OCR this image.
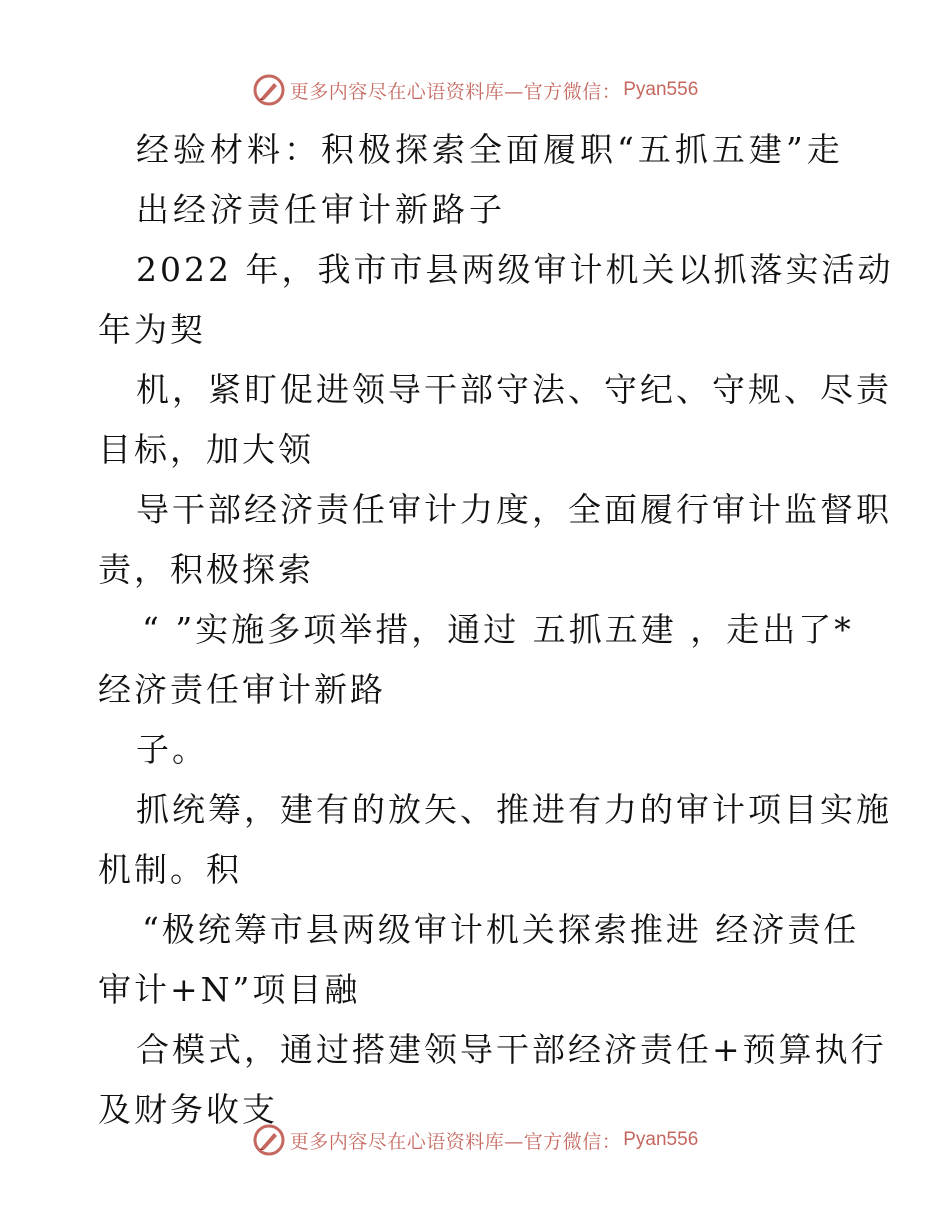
更多内容尽在心语资料库—官方微信： Pyan556
经验材料：积极探索全面履职“五抓五建”走
出经济责任审计新路子
2022 年，我市市县两级审计机关以抓落实活动
年为契
机，紧盯促进领导干部守法、守纪、守规、尽责
目标，加大领
导干部经济责任审计力度，全面履行审计监督职
责，积极探索
“ ”实施多项举措，通过 五抓五建 ，走出了*
经济责任审计新路
子。
抓统筹，建有的放矢、推进有力的审计项目实施
机制。积
“极统筹市县两级审计机关探索推进 经济责任
审计+N”项目融
合模式，通过搭建领导干部经济责任+预算执行
及财务收支
更多内容尽在心语资料库—官方微信： Pyan556
